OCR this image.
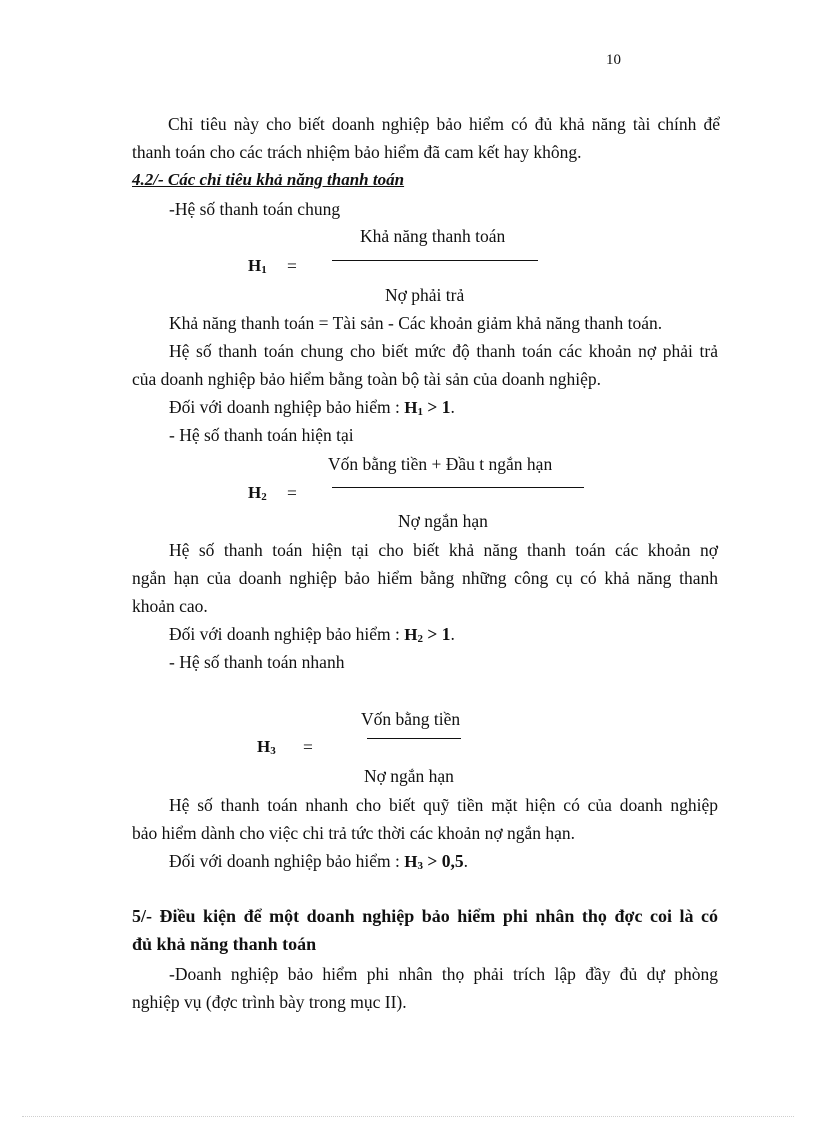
10
Chỉ tiêu này cho biết doanh nghiệp bảo hiểm có đủ khả năng tài chính để
thanh toán cho các trách nhiệm bảo hiểm đã cam kết hay không.
4.2/- Các chỉ tiêu khả năng thanh toán
-Hệ số thanh toán chung
Khả năng thanh toán
$H_1$ =
Nợ phải trả
Khả năng thanh toán = Tài sản - Các khoản giảm khả năng thanh toán.
Hệ số thanh toán chung cho biết mức độ thanh toán các khoản nợ phải trả
của doanh nghiệp bảo hiểm bằng toàn bộ tài sản của doanh nghiệp.
Đối với doanh nghiệp bảo hiểm : $H_1 > 1$.
- Hệ số thanh toán hiện tại
Vốn bằng tiền + Đầu t ngắn hạn
$H_2$ =
Nợ ngắn hạn
Hệ số thanh toán hiện tại cho biết khả năng thanh toán các khoản nợ
ngắn hạn của doanh nghiệp bảo hiểm bằng những công cụ có khả năng thanh
khoản cao.
Đối với doanh nghiệp bảo hiểm : $H_2 > 1$.
- Hệ số thanh toán nhanh
Vốn bằng tiền
$H_3$ =
Nợ ngắn hạn
Hệ số thanh toán nhanh cho biết quỹ tiền mặt hiện có của doanh nghiệp
bảo hiểm dành cho việc chi trả tức thời các khoản nợ ngắn hạn.
Đối với doanh nghiệp bảo hiểm : $H_3 > 0,5$.
5/- Điều kiện để một doanh nghiệp bảo hiểm phi nhân thọ đợc coi là có
đủ khả năng thanh toán
-Doanh nghiệp bảo hiểm phi nhân thọ phải trích lập đầy đủ dự phòng
nghiệp vụ (đợc trình bày trong mục II).
